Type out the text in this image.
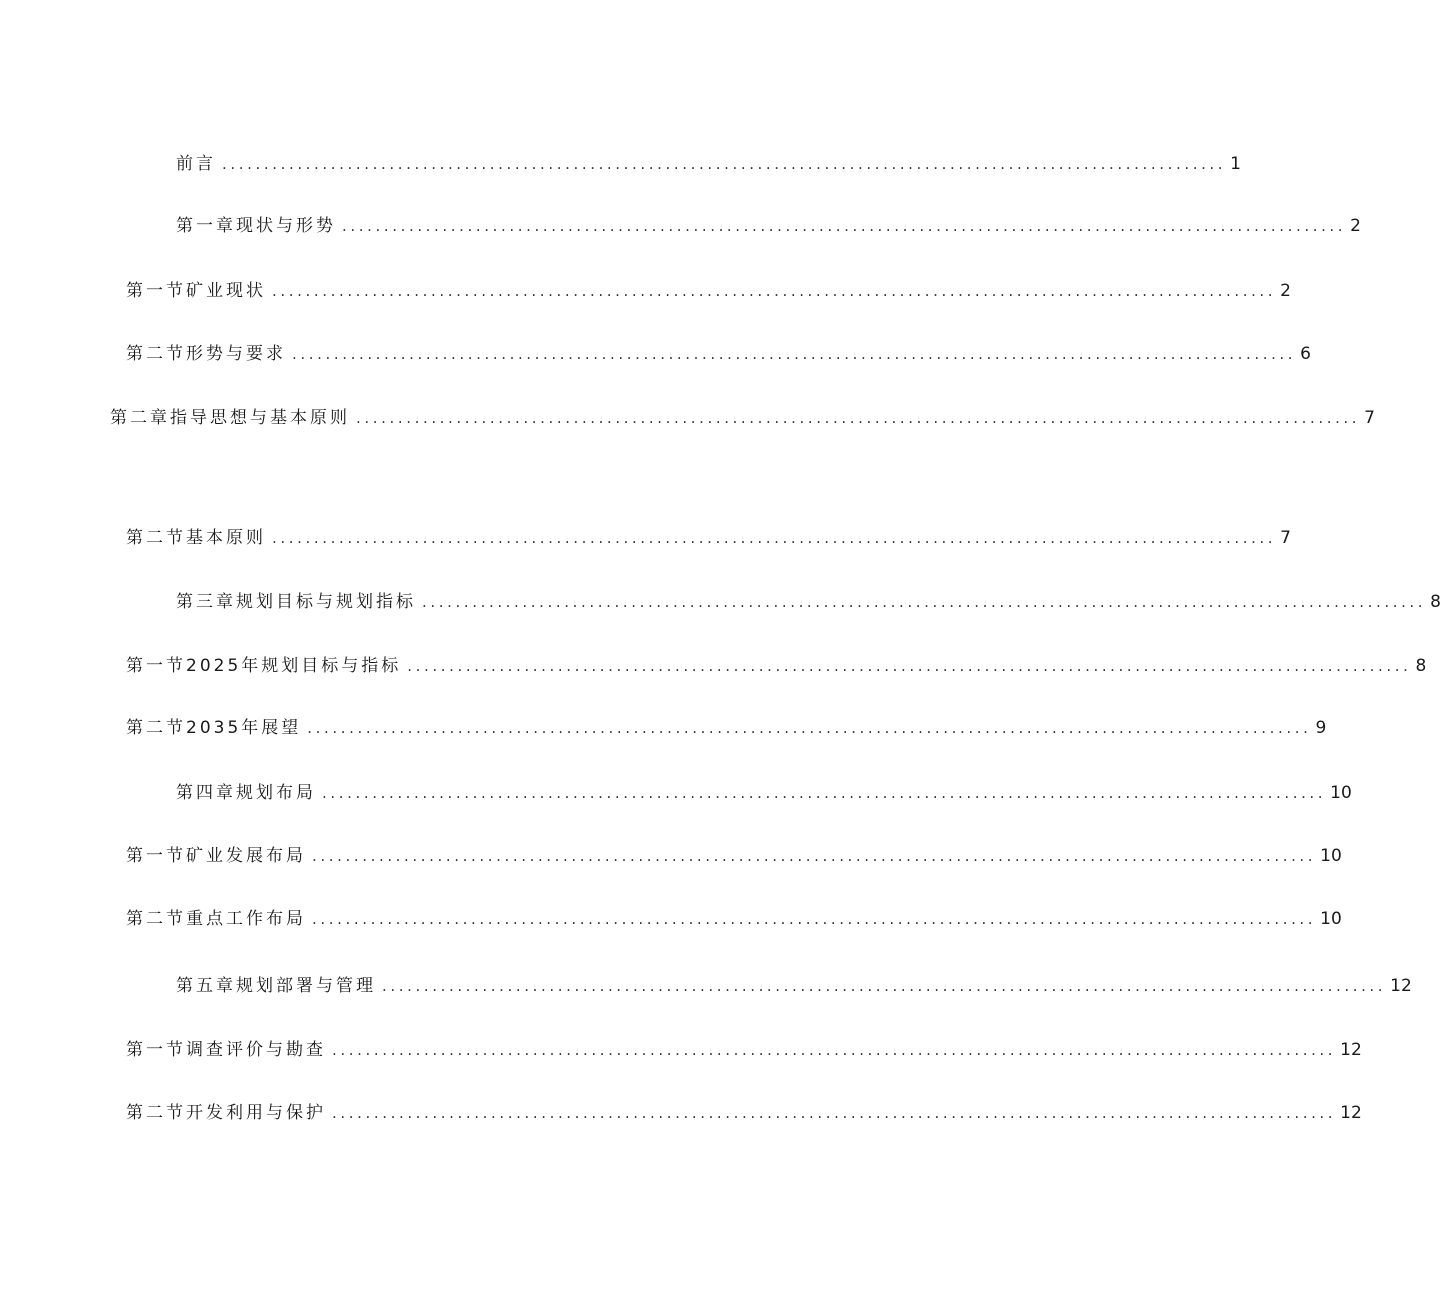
前言 ........................................................................................................................ 1
第一章现状与形势 ........................................................................................................................ 2
第一节矿业现状 ........................................................................................................................ 2
第二节形势与要求 ........................................................................................................................ 6
第二章指导思想与基本原则 ........................................................................................................................ 7
第二节基本原则 ........................................................................................................................ 7
第三章规划目标与规划指标 ........................................................................................................................ 8
第一节2025年规划目标与指标 ........................................................................................................................ 8
第二节2035年展望 ........................................................................................................................ 9
第四章规划布局 ........................................................................................................................ 10
第一节矿业发展布局 ........................................................................................................................ 10
第二节重点工作布局 ........................................................................................................................ 10
第五章规划部署与管理 ........................................................................................................................ 12
第一节调查评价与勘查 ........................................................................................................................ 12
第二节开发利用与保护 ........................................................................................................................ 12
